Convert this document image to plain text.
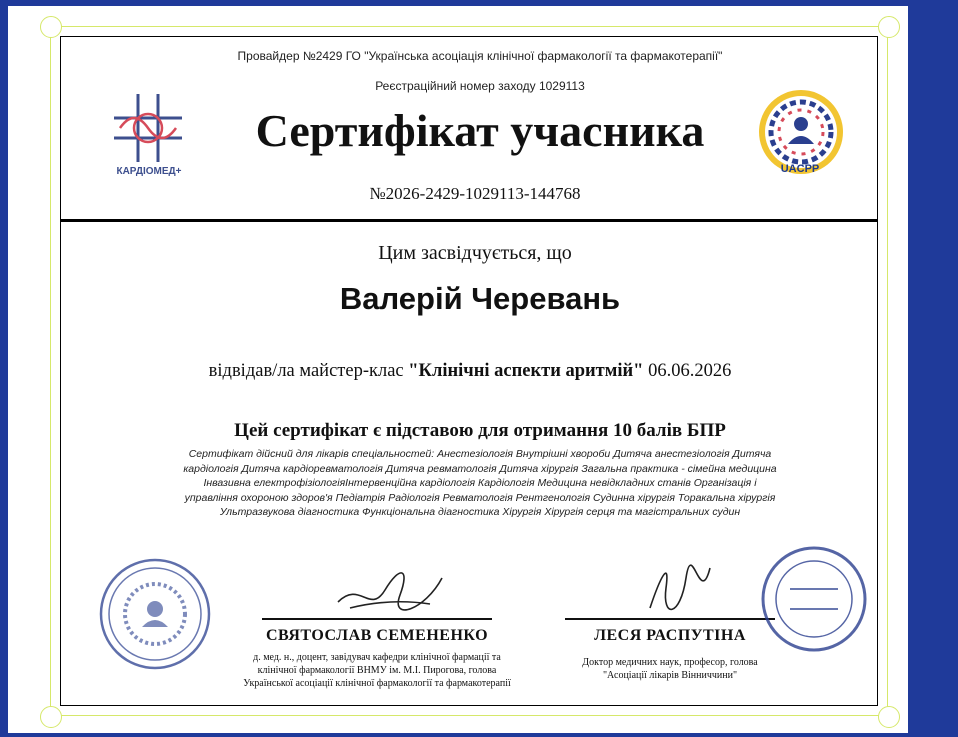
КАРДІОМЕД+	UACPP
Провайдер №2429 ГО "Українська асоціація клінічної фармакології та фармакотерапії"
Реєстраційний номер заходу 1029113
Сертифікат учасника
№2026-2429-1029113-144768
Цим засвідчується, що
Валерій Черевань
відвідав/ла майстер-клас "Клінічні аспекти аритмій" 06.06.2026
Цей сертифікат є підставою для отримання 10 балів БПР
Сертифікат дійсний для лікарів спеціальностей: Анестезіологія Внутрішні хвороби Дитяча анестезіологія Дитяча
кардіологія Дитяча кардіоревматологія Дитяча ревматологія Дитяча хірургія Загальна практика - сімейна медицина
Інвазивна електрофізіологіяІнтервенційна кардіологія Кардіологія Медицина невідкладних станів Організація і
управління охороною здоров'я Педіатрія Радіологія Ревматологія Рентгенологія Судинна хірургія Торакальна хірургія
Ультразвукова діагностика Функціональна діагностика Хірургія Хірургія серця та магістральних судин
СВЯТОСЛАВ СЕМЕНЕНКО
д. мед. н., доцент, завідувач кафедри клінічної фармації та
клінічної фармакології ВНМУ ім. М.І. Пирогова, голова
Української асоціації клінічної фармакології та фармакотерапії
ЛЕСЯ РАСПУТІНА
Доктор медичних наук, професор, голова
"Асоціації лікарів Вінниччини"
